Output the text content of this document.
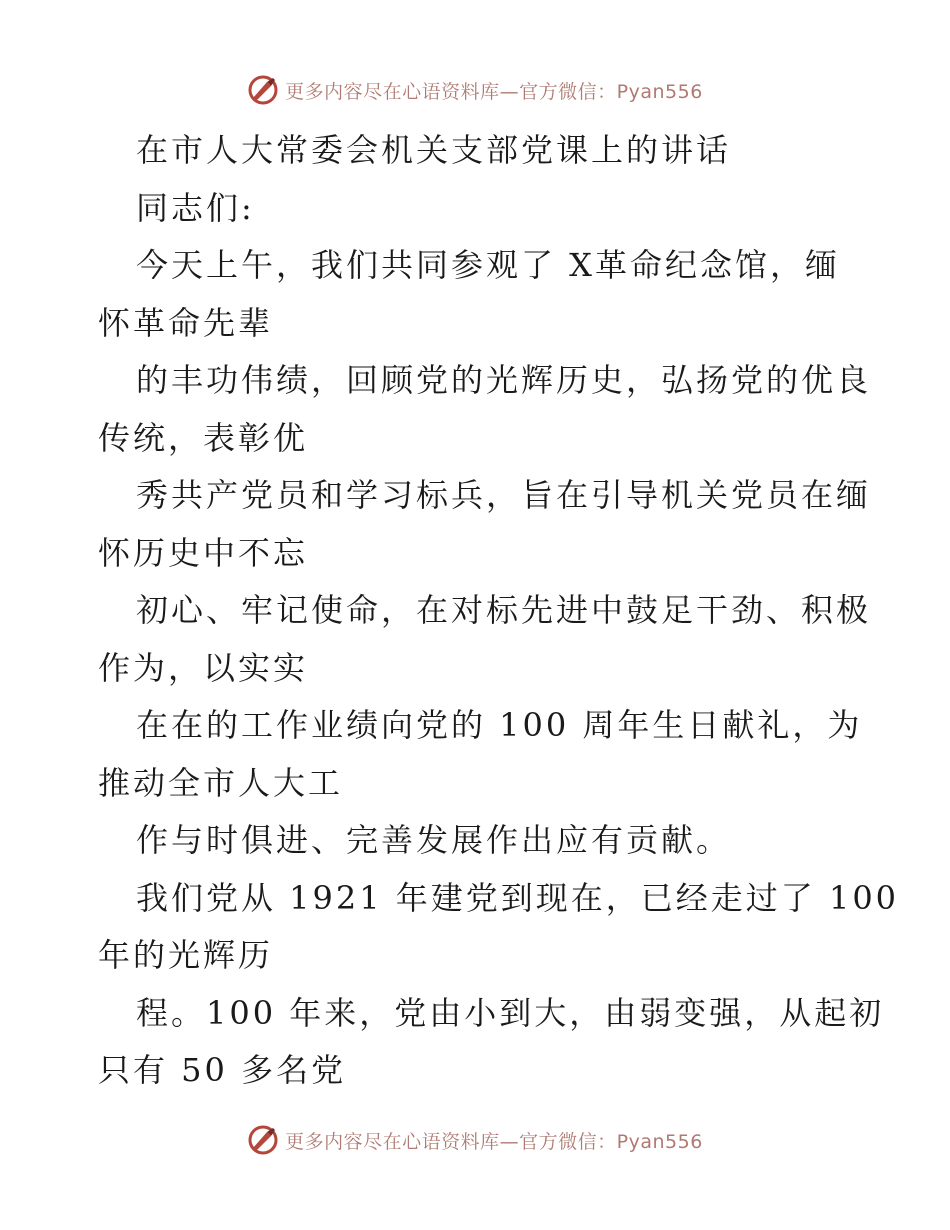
更多内容尽在心语资料库—官方微信：Pyan556
在市人大常委会机关支部党课上的讲话
同志们:
今天上午，我们共同参观了 X革命纪念馆，缅
怀革命先辈
的丰功伟绩，回顾党的光辉历史，弘扬党的优良
传统，表彰优
秀共产党员和学习标兵，旨在引导机关党员在缅
怀历史中不忘
初心、牢记使命，在对标先进中鼓足干劲、积极
作为，以实实
在在的工作业绩向党的 100 周年生日献礼，为
推动全市人大工
作与时俱进、完善发展作出应有贡献。
我们党从 1921 年建党到现在，已经走过了 100
年的光辉历
程。100 年来，党由小到大，由弱变强，从起初
只有 50 多名党
更多内容尽在心语资料库—官方微信：Pyan556
